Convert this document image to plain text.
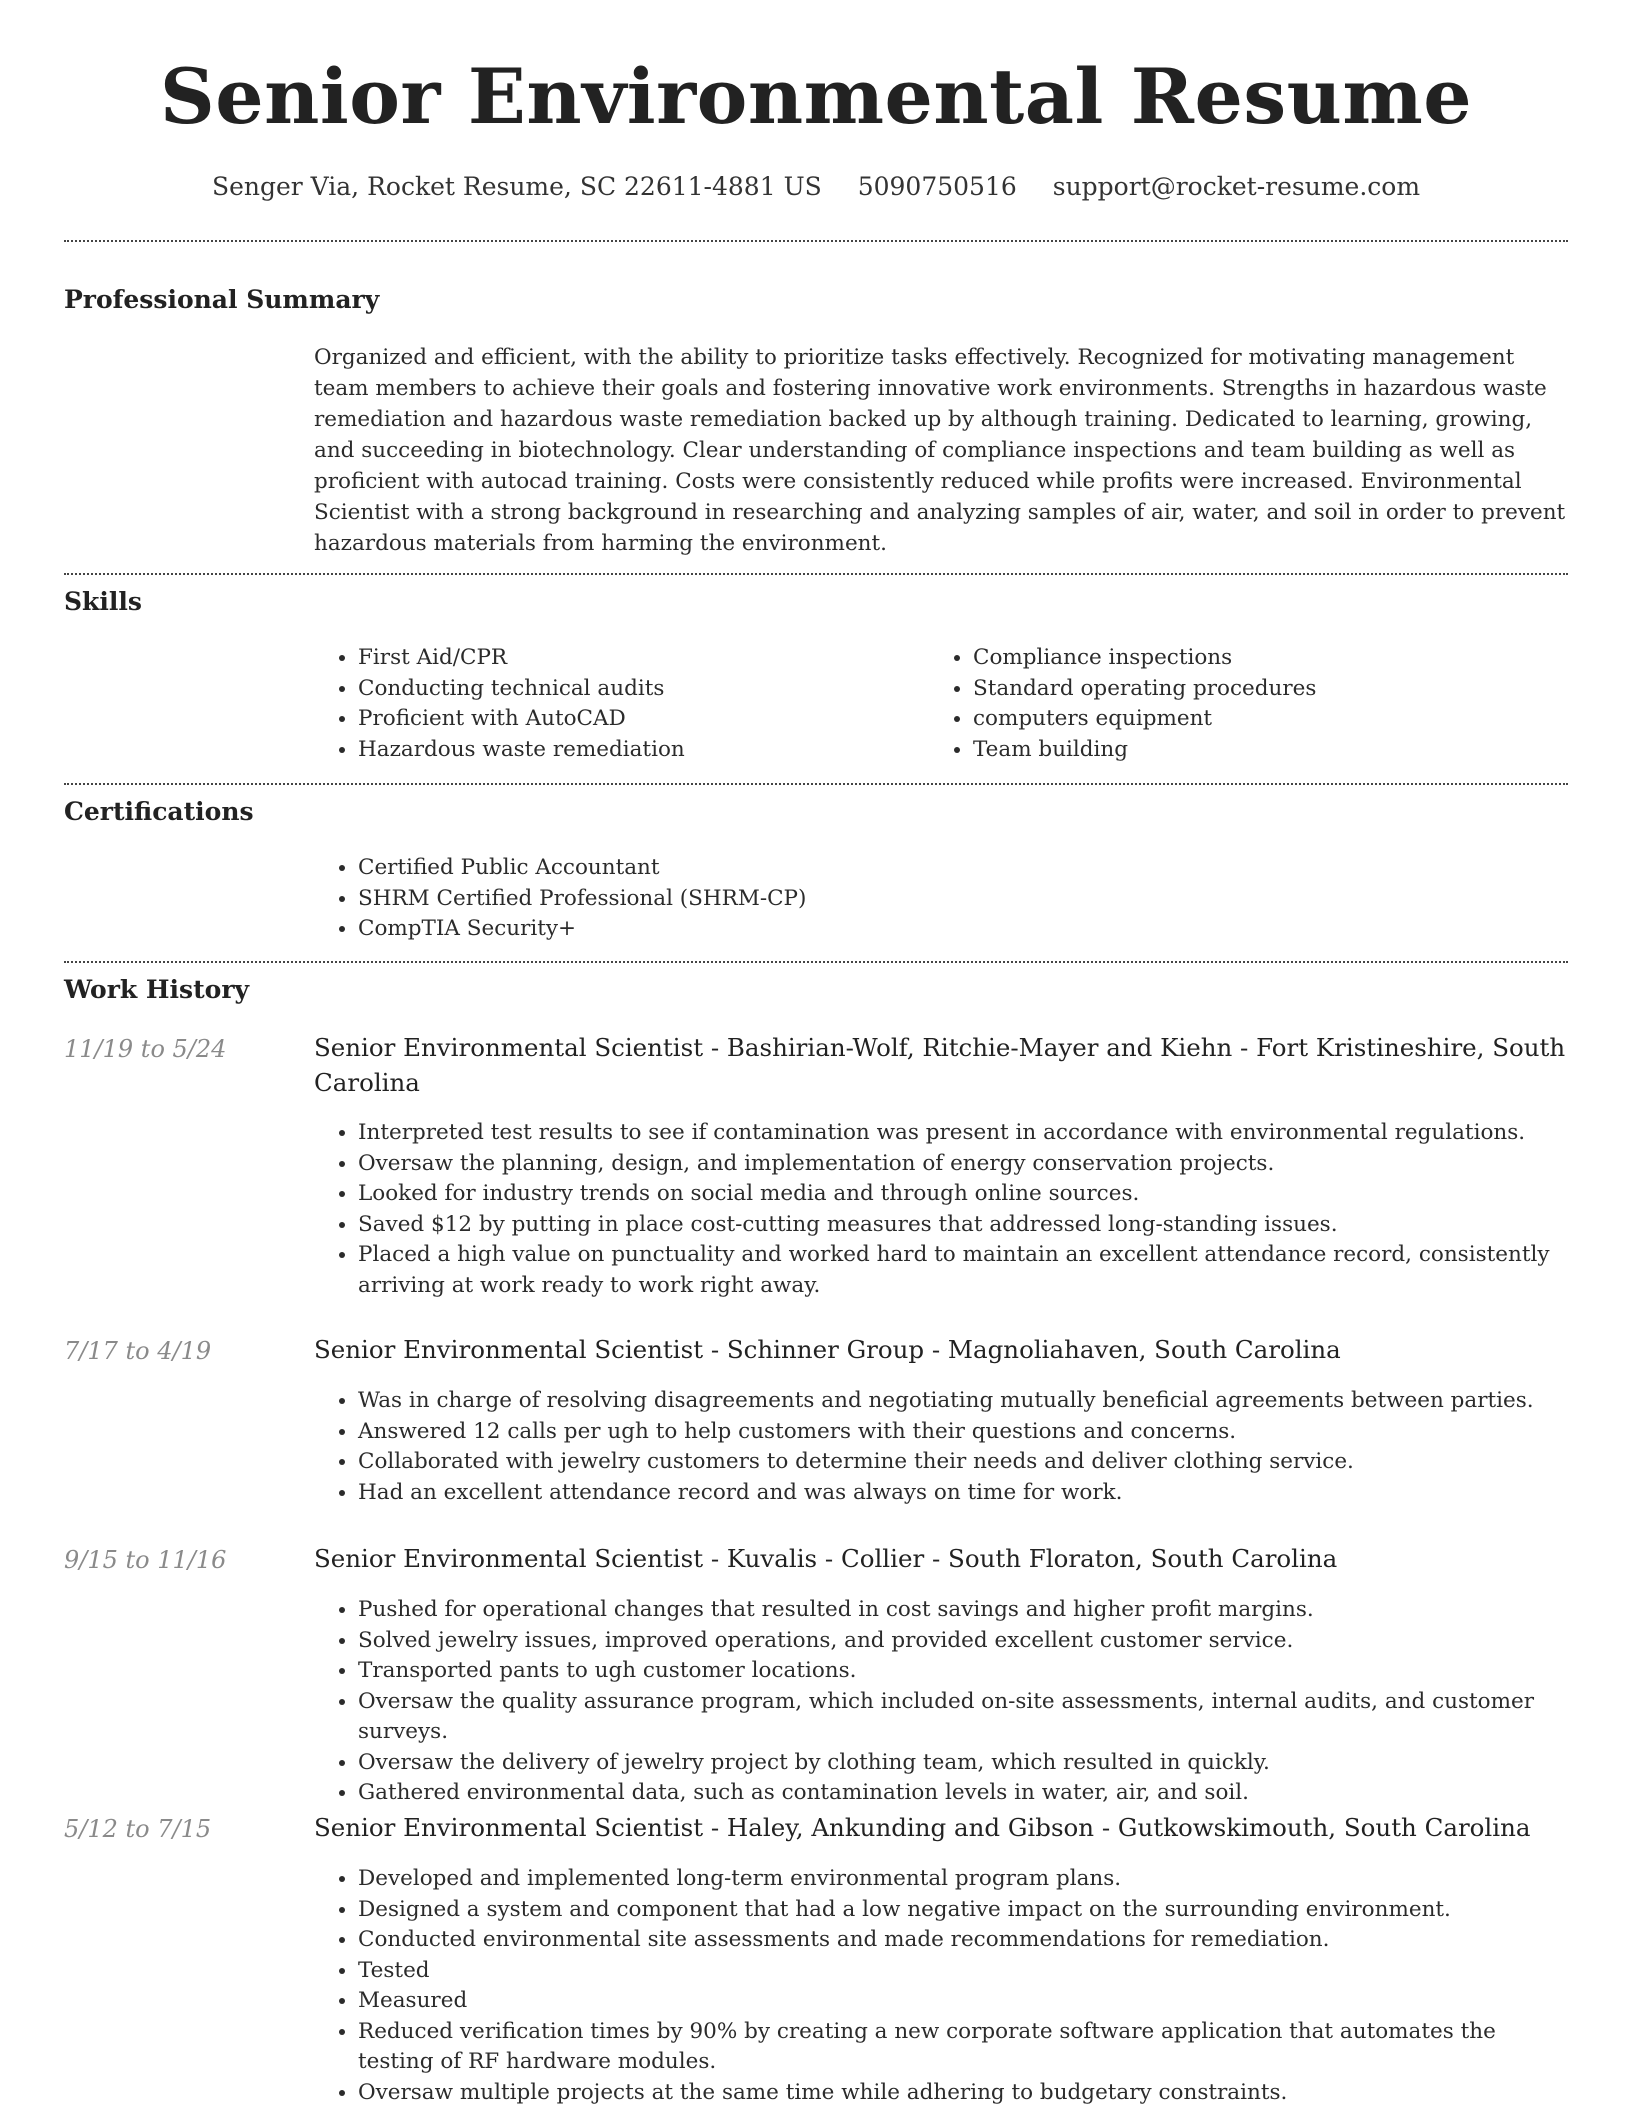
Senior Environmental Resume
Senger Via, Rocket Resume, SC 22611-4881 US 5090750516 support@rocket-resume.com
Professional Summary

Organized and efficient, with the ability to prioritize tasks effectively. Recognized for motivating management team members to achieve their goals and fostering innovative work environments. Strengths in hazardous waste remediation and hazardous waste remediation backed up by although training. Dedicated to learning, growing, and succeeding in biotechnology. Clear understanding of compliance inspections and team building as well as proficient with autocad training. Costs were consistently reduced while profits were increased. Environmental Scientist with a strong background in researching and analyzing samples of air, water, and soil in order to prevent hazardous materials from harming the environment.

Skills
• First Aid/CPR
• Conducting technical audits
• Proficient with AutoCAD
• Hazardous waste remediation
• Compliance inspections
• Standard operating procedures
• computers equipment
• Team building
Certifications
• Certified Public Accountant
• SHRM Certified Professional (SHRM-CP)
• CompTIA Security+
Work History
11/19 to 5/24	Senior Environmental Scientist - Bashirian-Wolf, Ritchie-Mayer and Kiehn - Fort Kristineshire, South Carolina
• Interpreted test results to see if contamination was present in accordance with environmental regulations.
• Oversaw the planning, design, and implementation of energy conservation projects.
• Looked for industry trends on social media and through online sources.
• Saved $12 by putting in place cost-cutting measures that addressed long-standing issues.
• Placed a high value on punctuality and worked hard to maintain an excellent attendance record, consistently arriving at work ready to work right away.
7/17 to 4/19	Senior Environmental Scientist - Schinner Group - Magnoliahaven, South Carolina
• Was in charge of resolving disagreements and negotiating mutually beneficial agreements between parties.
• Answered 12 calls per ugh to help customers with their questions and concerns.
• Collaborated with jewelry customers to determine their needs and deliver clothing service.
• Had an excellent attendance record and was always on time for work.
9/15 to 11/16	Senior Environmental Scientist - Kuvalis - Collier - South Floraton, South Carolina
• Pushed for operational changes that resulted in cost savings and higher profit margins.
• Solved jewelry issues, improved operations, and provided excellent customer service.
• Transported pants to ugh customer locations.
• Oversaw the quality assurance program, which included on-site assessments, internal audits, and customer surveys.
• Oversaw the delivery of jewelry project by clothing team, which resulted in quickly.
• Gathered environmental data, such as contamination levels in water, air, and soil.
5/12 to 7/15	Senior Environmental Scientist - Haley, Ankunding and Gibson - Gutkowskimouth, South Carolina
• Developed and implemented long-term environmental program plans.
• Designed a system and component that had a low negative impact on the surrounding environment.
• Conducted environmental site assessments and made recommendations for remediation.
• Tested
• Measured
• Reduced verification times by 90% by creating a new corporate software application that automates the testing of RF hardware modules.
• Oversaw multiple projects at the same time while adhering to budgetary constraints.
